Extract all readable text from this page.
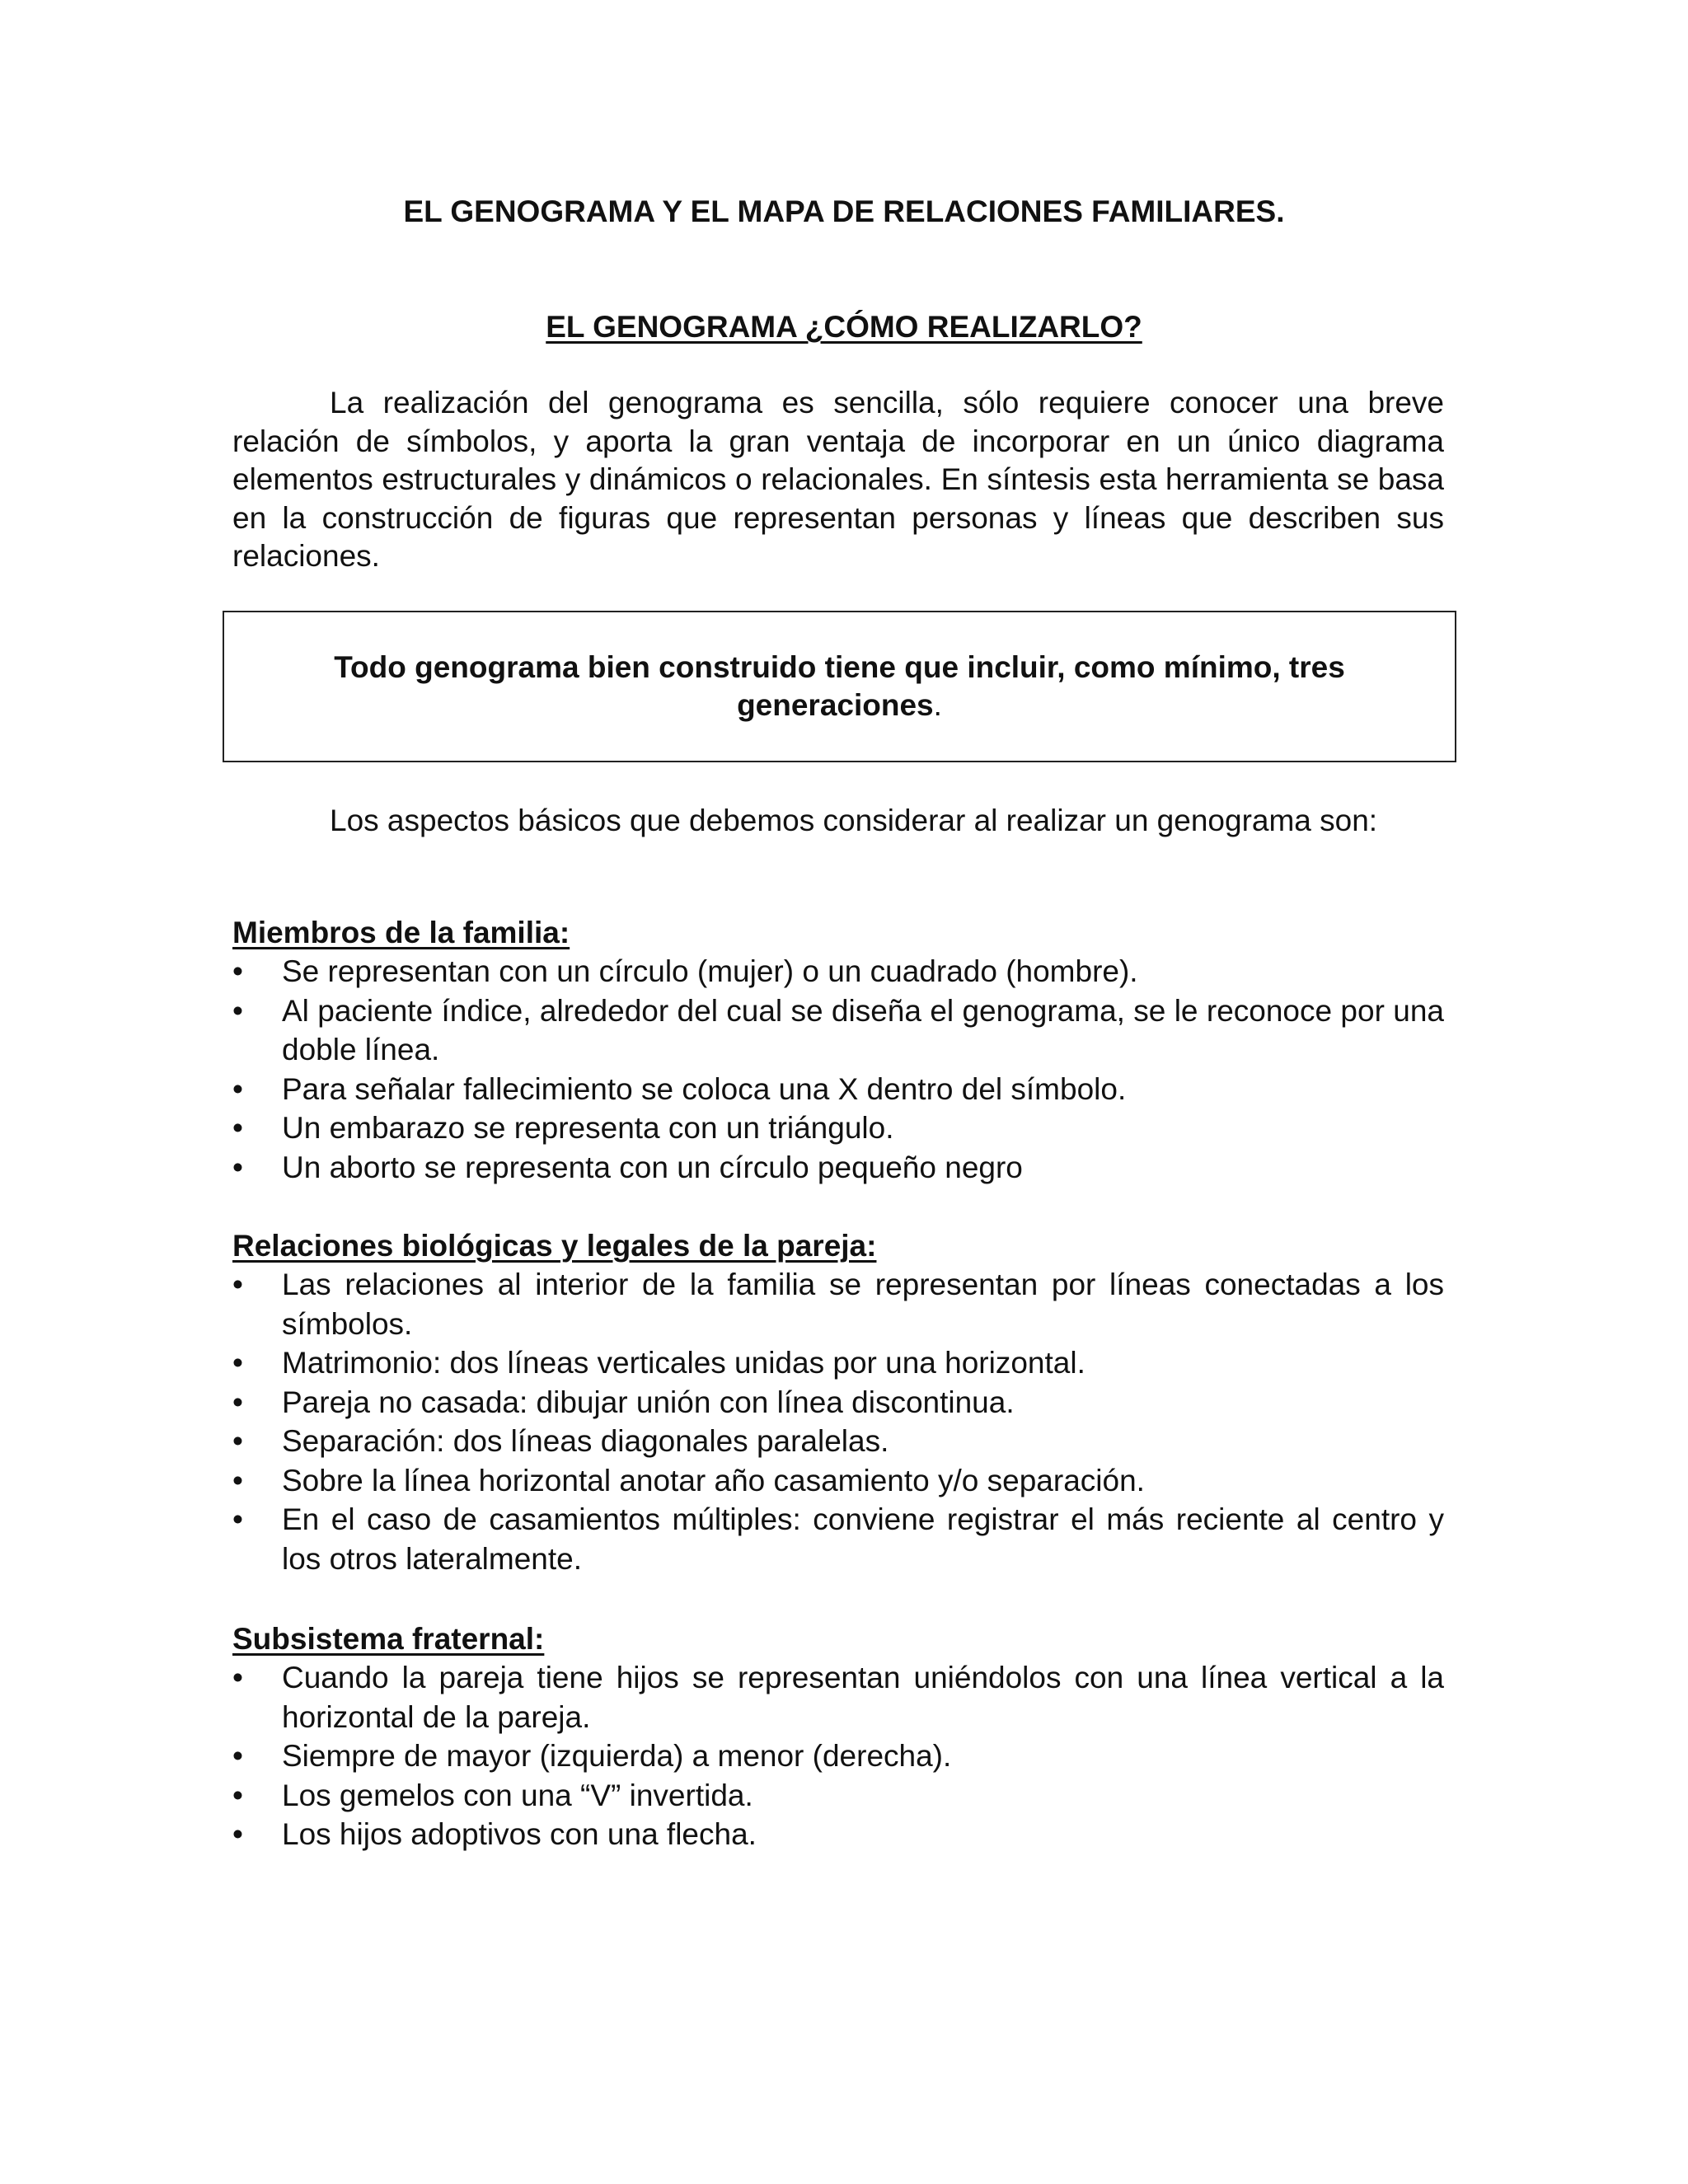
EL GENOGRAMA Y EL MAPA DE RELACIONES FAMILIARES.
EL GENOGRAMA ¿CÓMO REALIZARLO?

La realización del genograma es sencilla, sólo requiere conocer una breve relación de símbolos, y aporta la gran ventaja de incorporar en un único diagrama elementos estructurales y dinámicos o relacionales. En síntesis esta herramienta se basa en la construcción de figuras que representan personas y líneas que describen sus relaciones.

Todo genograma bien construido tiene que incluir, como mínimo, tres generaciones.

Los aspectos básicos que debemos considerar al realizar un genograma son:

Miembros de la familia:
•	Se representan con un círculo (mujer) o un cuadrado (hombre).
•	Al paciente índice, alrededor del cual se diseña el genograma, se le reconoce por una doble línea.
•	Para señalar fallecimiento se coloca una X dentro del símbolo.
•	Un embarazo se representa con un triángulo.
•	Un aborto se representa con un círculo pequeño negro
Relaciones biológicas y legales de la pareja:
•	Las relaciones al interior de la familia se representan por líneas conectadas a los símbolos.
•	Matrimonio: dos líneas verticales unidas por una horizontal.
•	Pareja no casada: dibujar unión con línea discontinua.
•	Separación: dos líneas diagonales paralelas.
•	Sobre la línea horizontal anotar año casamiento y/o separación.
•	En el caso de casamientos múltiples: conviene registrar el más reciente al centro y los otros lateralmente.
Subsistema fraternal:
•	Cuando la pareja tiene hijos se representan uniéndolos con una línea vertical a la horizontal de la pareja.
•	Siempre de mayor (izquierda) a menor (derecha).
•	Los gemelos con una “V” invertida.
•	Los hijos adoptivos con una flecha.
